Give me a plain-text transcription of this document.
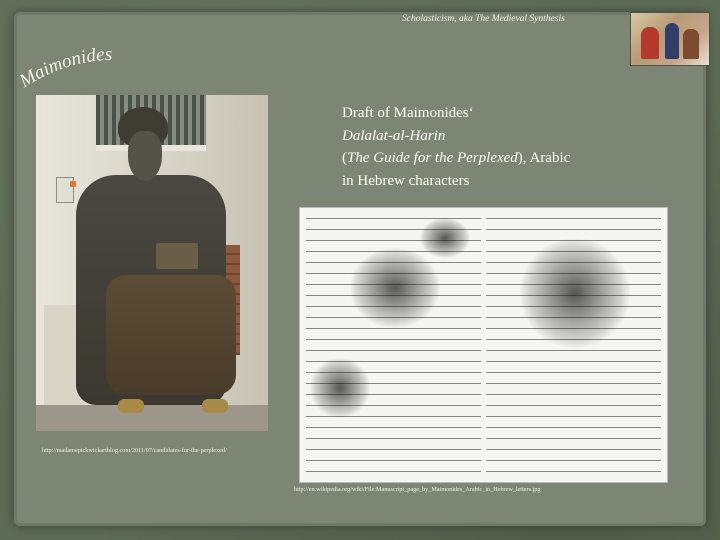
Scholasticism, aka The Medieval Synthesis
aimonides
http://madamepickwickartblog.com/2011/07/candidates-for-the-perplexed/
Draft of Maimonides‘
Dalalat-al-Harin
(The Guide for the Perplexed), Arabic
in Hebrew characters
http://en.wikipedia.org/wiki/File:Manuscript_page_by_Maimonides_Arabic_in_Hebrew_letters.jpg
